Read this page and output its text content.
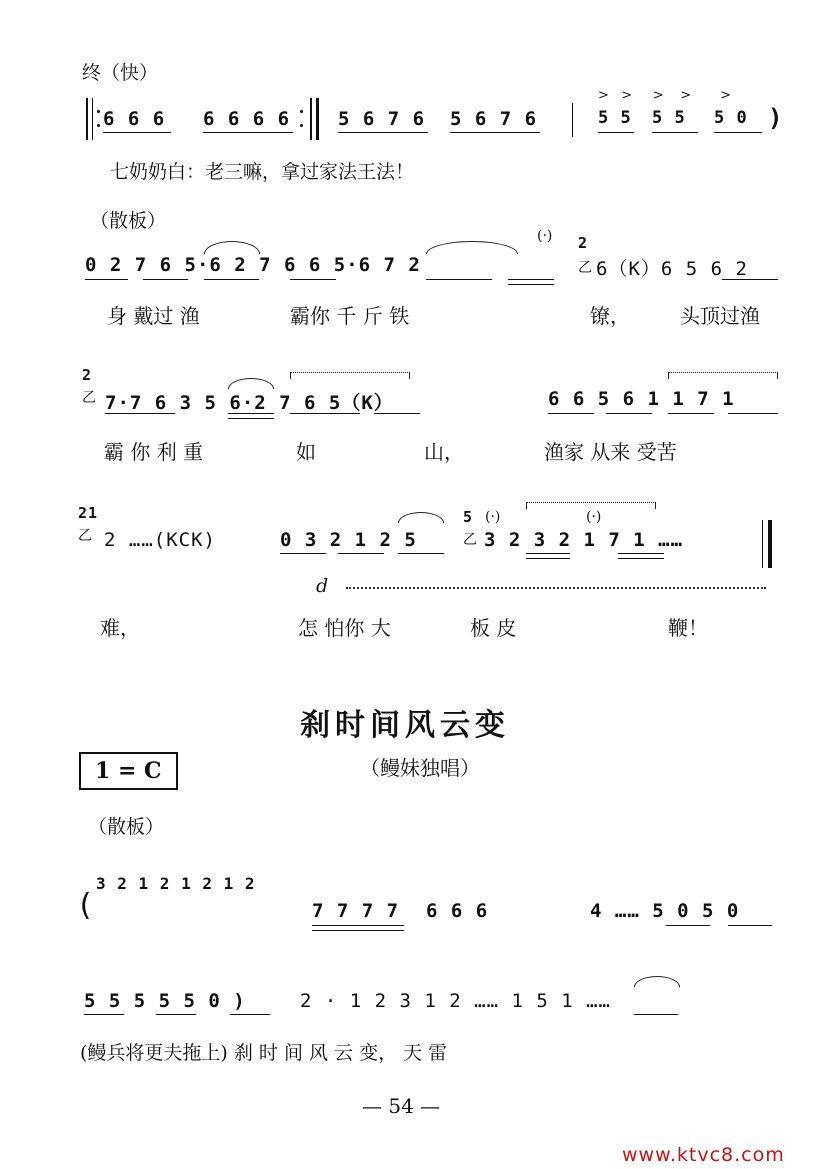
终（快）
6 6 6 6 6 6 6	5 6 7 6 5 6 7 6	5 5 5 5 5 0
>   >     >    >       >
)
七奶奶白：老三嘛，拿过家法王法！
（散板）
0 2 7 6 5·6 2 7 6 6 5·6 7 2
(·) 2
乙 6（K）6 5 6 2
身 戴过 渔	霸你 千 斤 铁	镣，	头顶过渔
2
乙 7·7 6 3 5 6·2 7 6 5（K）	6 6 5 6 1 1 7 1
霸 你 利 重	如	山，	渔家 从来 受苦
21
乙 2 ……(KCK)	0 3 2 1 2 5
5
乙 3 2 3 2 1 7 1 ……
(·)
(·)
d
难，	怎 怕你 大	板 皮	鞭！
刹时间风云变
1 = C	（鳗妹独唱）
（散板）
(
3 2 1 2 1 2 1 2
7 7 7 7 6 6 6	4 …… 5 0 5 0
5 5 5 5 5 0 )	2 · 1 2 3 1 2 …… 1 5 1 ……
(鳗兵将更夫拖上) 刹 时 间 风 云 变， 天 雷
— 54 —
www.ktvc8.com
